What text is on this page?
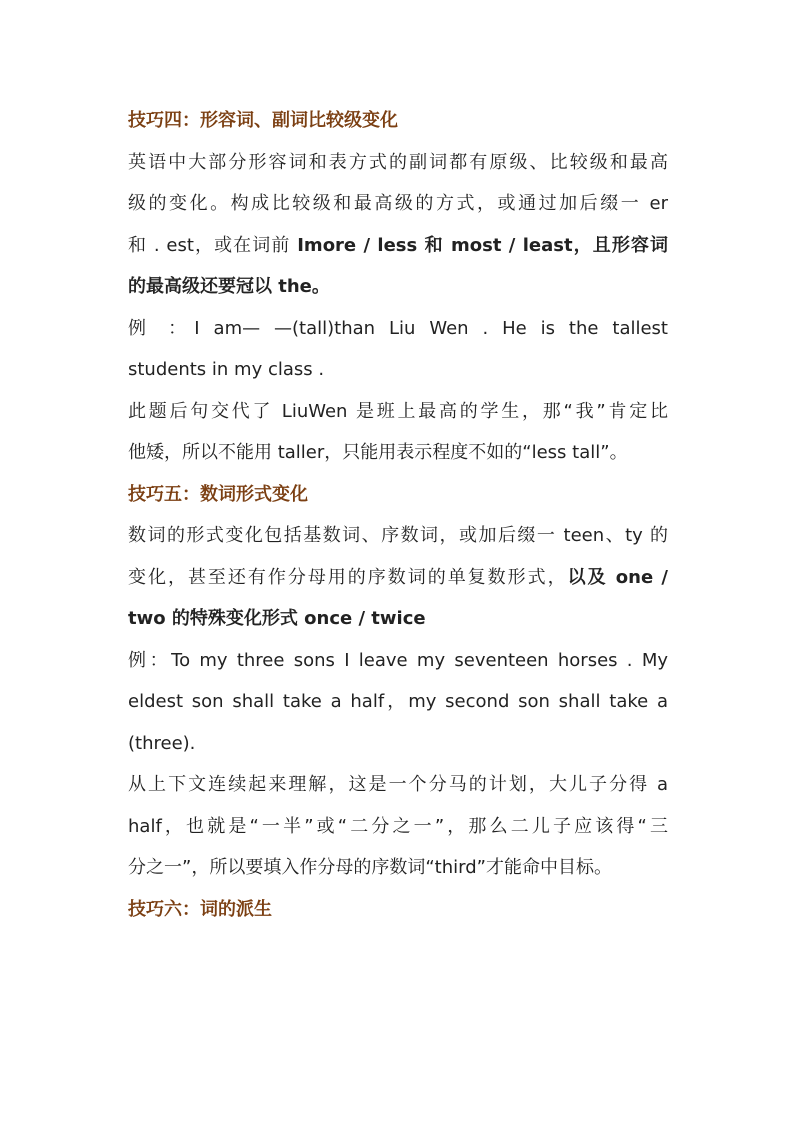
技巧四：形容词、副词比较级变化
英语中大部分形容词和表方式的副词都有原级、比较级和最高
级的变化。构成比较级和最高级的方式，或通过加后缀一 er
和 . est，或在词前 Imore / less 和 most / least，且形容词
的最高级还要冠以 the。
例 ：I am— —(tall)than Liu Wen . He is the tallest
students in my class .
此题后句交代了 LiuWen 是班上最高的学生，那“我”肯定比
他矮，所以不能用 taller，只能用表示程度不如的“less tall”。
技巧五：数词形式变化
数词的形式变化包括基数词、序数词，或加后缀一 teen、ty 的
变化，甚至还有作分母用的序数词的单复数形式，以及 one /
two 的特殊变化形式 once / twice
例：To my three sons I leave my seventeen horses . My
eldest son shall take a half，my second son shall take a
(three).
从上下文连续起来理解，这是一个分马的计划，大儿子分得 a
half，也就是“一半”或“二分之一”，那么二儿子应该得“三
分之一”，所以要填入作分母的序数词“third”才能命中目标。
技巧六：词的派生
